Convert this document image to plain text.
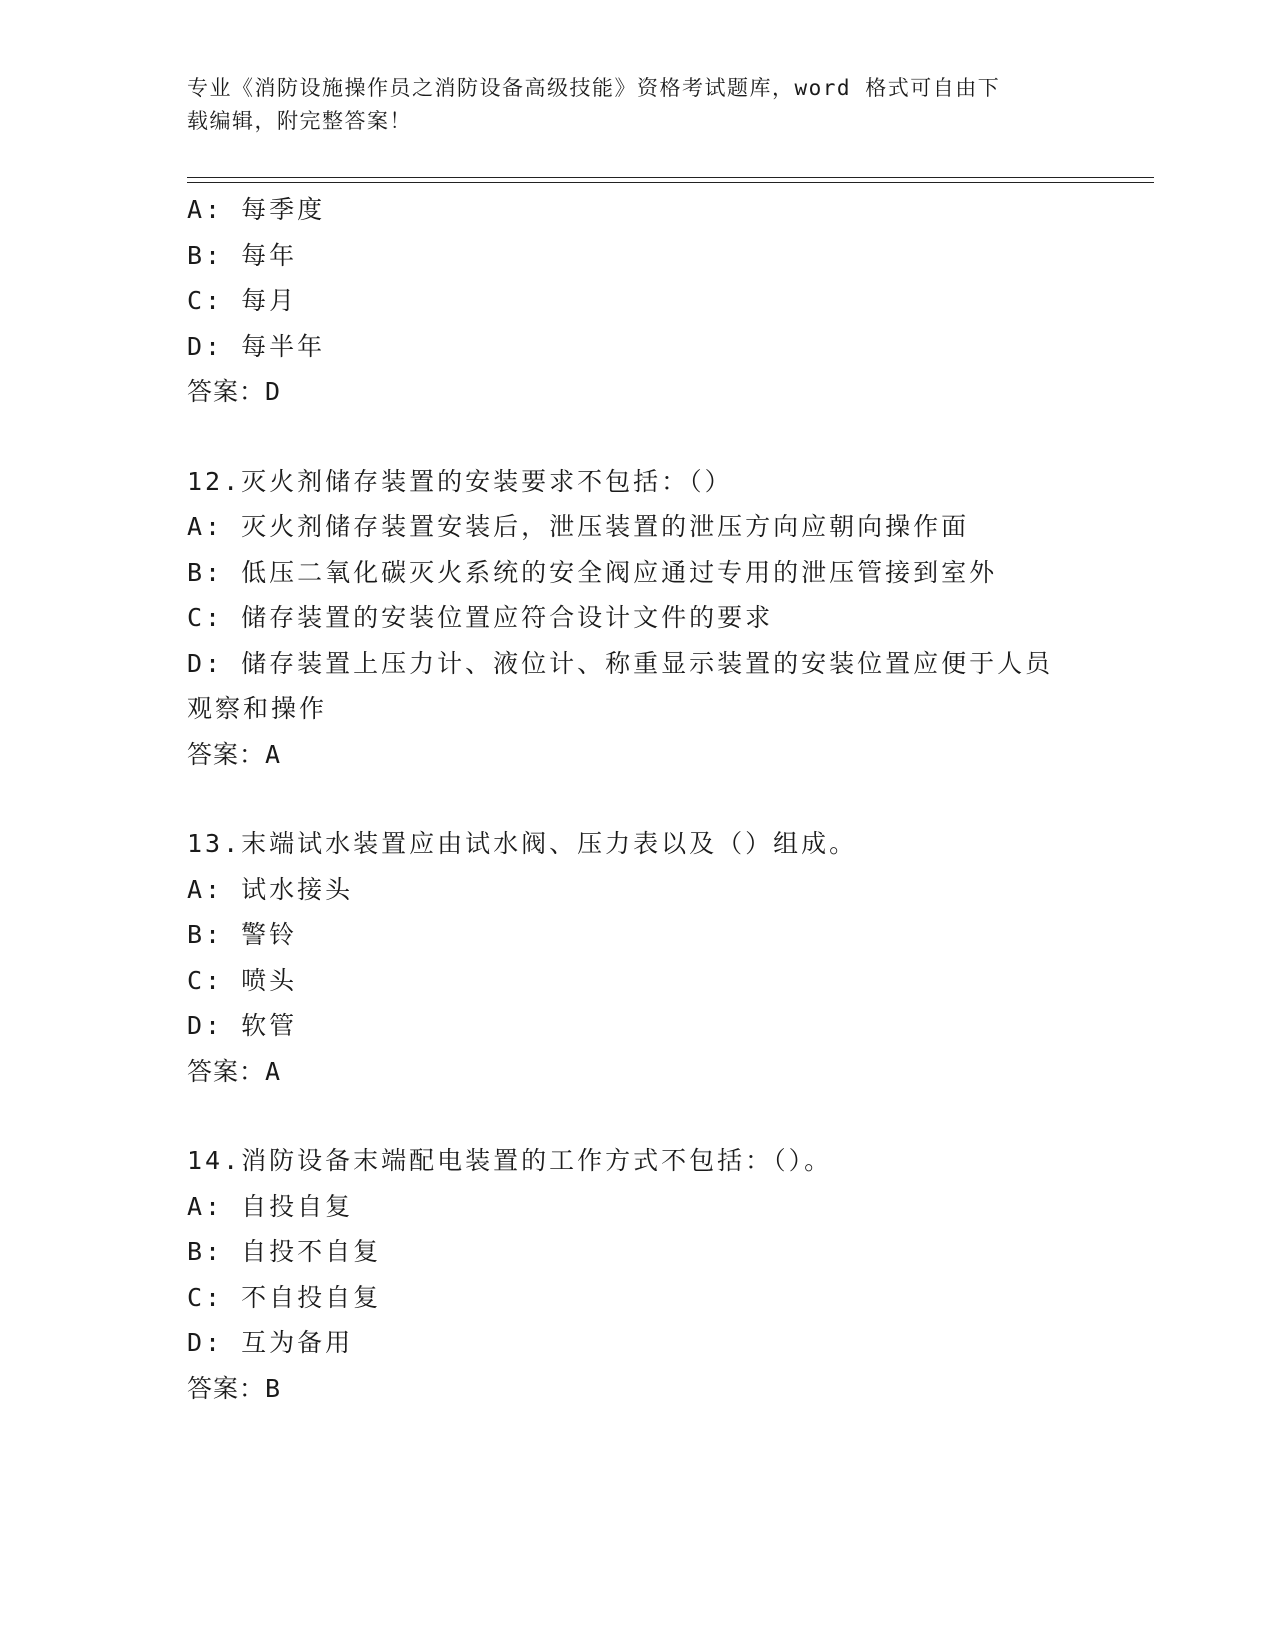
专业《消防设施操作员之消防设备高级技能》资格考试题库，word 格式可自由下
载编辑，附完整答案！
A: 每季度
B: 每年
C: 每月
D: 每半年
答案：D
12.灭火剂储存装置的安装要求不包括：（）
A: 灭火剂储存装置安装后，泄压装置的泄压方向应朝向操作面
B: 低压二氧化碳灭火系统的安全阀应通过专用的泄压管接到室外
C: 储存装置的安装位置应符合设计文件的要求
D: 储存装置上压力计、液位计、称重显示装置的安装位置应便于人员
观察和操作
答案：A
13.末端试水装置应由试水阀、压力表以及（）组成。
A: 试水接头
B: 警铃
C: 喷头
D: 软管
答案：A
14.消防设备末端配电装置的工作方式不包括：（）。
A: 自投自复
B: 自投不自复
C: 不自投自复
D: 互为备用
答案：B
